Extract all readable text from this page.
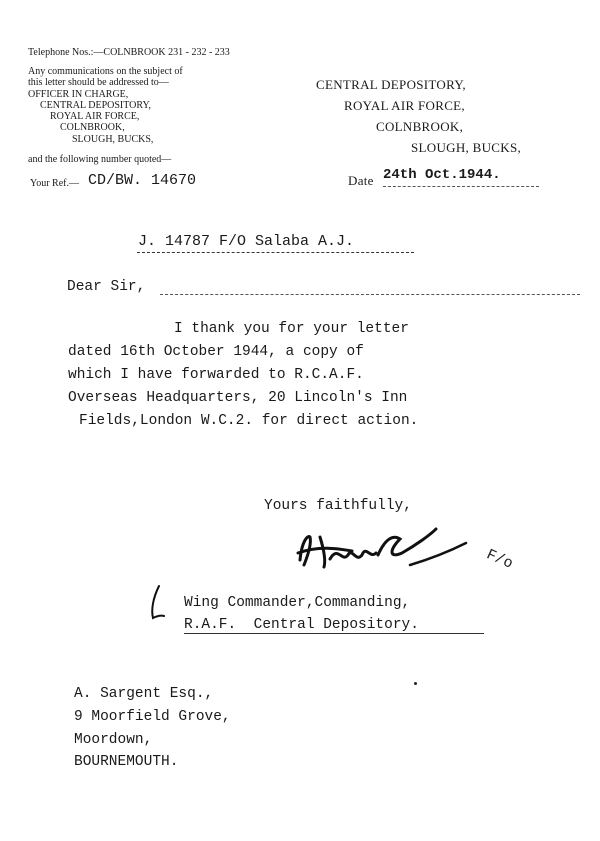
Telephone Nos.:—COLNBROOK 231 - 232 - 233
Any communications on the subject of
this letter should be addressed to—
OFFICER IN CHARGE,
CENTRAL DEPOSITORY,
ROYAL AIR FORCE,
COLNBROOK,
SLOUGH, BUCKS,
and the following number quoted—
Your Ref.— CD/BW. 14670
CENTRAL DEPOSITORY,
ROYAL AIR FORCE,
COLNBROOK,
SLOUGH, BUCKS,
Date 24th Oct.1944.
J. 14787 F/O Salaba A.J.
Dear Sir,
I thank you for your letter
dated 16th October 1944, a copy of
which I have forwarded to R.C.A.F.
Overseas Headquarters, 20 Lincoln's Inn
Fields,London W.C.2. for direct action.
Yours faithfully,
F/o
Wing Commander,Commanding,
R.A.F.  Central Depository.
A. Sargent Esq.,
9 Moorfield Grove,
Moordown,
BOURNEMOUTH.
